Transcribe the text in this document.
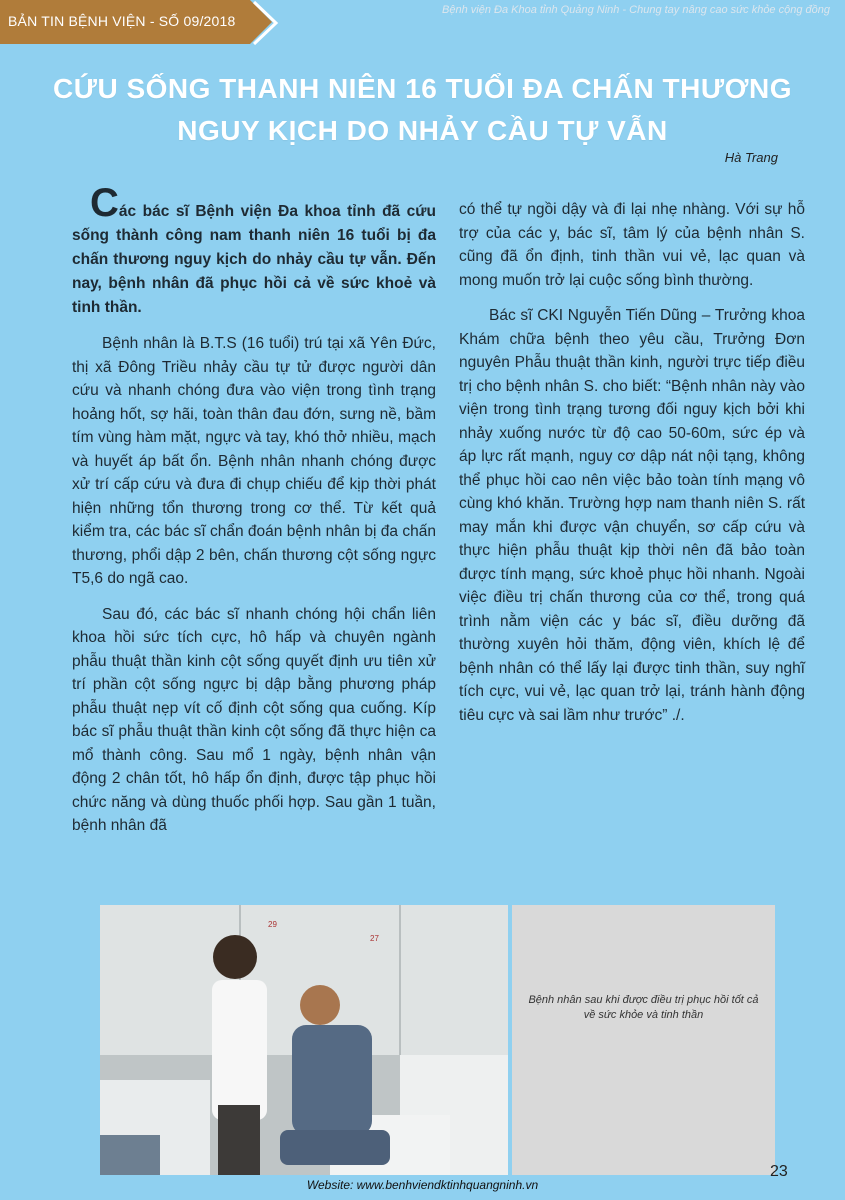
BẢN TIN BỆNH VIỆN - SỐ 09/2018
Bệnh viện Đa Khoa tỉnh Quảng Ninh - Chung tay nâng cao sức khỏe cộng đồng
CỨU SỐNG THANH NIÊN 16 TUỔI ĐA CHẤN THƯƠNG
NGUY KỊCH DO NHẢY CẦU TỰ VẪN
Hà Trang

Các bác sĩ Bệnh viện Đa khoa tỉnh đã cứu sống thành công nam thanh niên 16 tuổi bị đa chấn thương nguy kịch do nhảy cầu tự vẫn. Đến nay, bệnh nhân đã phục hồi cả về sức khoẻ và tinh thần.

Bệnh nhân là B.T.S (16 tuổi) trú tại xã Yên Đức, thị xã Đông Triều nhảy cầu tự tử được người dân cứu và nhanh chóng đưa vào viện trong tình trạng hoảng hốt, sợ hãi, toàn thân đau đớn, sưng nề, bầm tím vùng hàm mặt, ngực và tay, khó thở nhiều, mạch và huyết áp bất ổn. Bệnh nhân nhanh chóng được xử trí cấp cứu và đưa đi chụp chiếu để kịp thời phát hiện những tổn thương trong cơ thể. Từ kết quả kiểm tra, các bác sĩ chẩn đoán bệnh nhân bị đa chấn thương, phổi dập 2 bên, chấn thương cột sống ngực T5,6 do ngã cao.

Sau đó, các bác sĩ nhanh chóng hội chẩn liên khoa hồi sức tích cực, hô hấp và chuyên ngành phẫu thuật thần kinh cột sống quyết định ưu tiên xử trí phần cột sống ngực bị dập bằng phương pháp phẫu thuật nẹp vít cố định cột sống qua cuống. Kíp bác sĩ phẫu thuật thần kinh cột sống đã thực hiện ca mổ thành công. Sau mổ 1 ngày, bệnh nhân vận động 2 chân tốt, hô hấp ổn định, được tập phục hồi chức năng và dùng thuốc phối hợp. Sau gần 1 tuần, bệnh nhân đã

có thể tự ngồi dậy và đi lại nhẹ nhàng. Với sự hỗ trợ của các y, bác sĩ, tâm lý của bệnh nhân S. cũng đã ổn định, tinh thần vui vẻ, lạc quan và mong muốn trở lại cuộc sống bình thường.

Bác sĩ CKI Nguyễn Tiến Dũng – Trưởng khoa Khám chữa bệnh theo yêu cầu, Trưởng Đơn nguyên Phẫu thuật thần kinh, người trực tiếp điều trị cho bệnh nhân S. cho biết: “Bệnh nhân này vào viện trong tình trạng tương đối nguy kịch bởi khi nhảy xuống nước từ độ cao 50-60m, sức ép và áp lực rất mạnh, nguy cơ dập nát nội tạng, không thể phục hồi cao nên việc bảo toàn tính mạng vô cùng khó khăn. Trường hợp nam thanh niên S. rất may mắn khi được vận chuyển, sơ cấp cứu và thực hiện phẫu thuật kịp thời nên đã bảo toàn được tính mạng, sức khoẻ phục hồi nhanh. Ngoài việc điều trị chấn thương của cơ thể, trong quá trình nằm viện các y bác sĩ, điều dưỡng đã thường xuyên hỏi thăm, động viên, khích lệ để bệnh nhân có thể lấy lại được tinh thần, suy nghĩ tích cực, vui vẻ, lạc quan trở lại, tránh hành động tiêu cực và sai lầm như trước” ./.

29
27
Bệnh nhân sau khi được điều trị phục hồi tốt cả về sức khỏe và tinh thần
23
Website: www.benhviendktinhquangninh.vn
